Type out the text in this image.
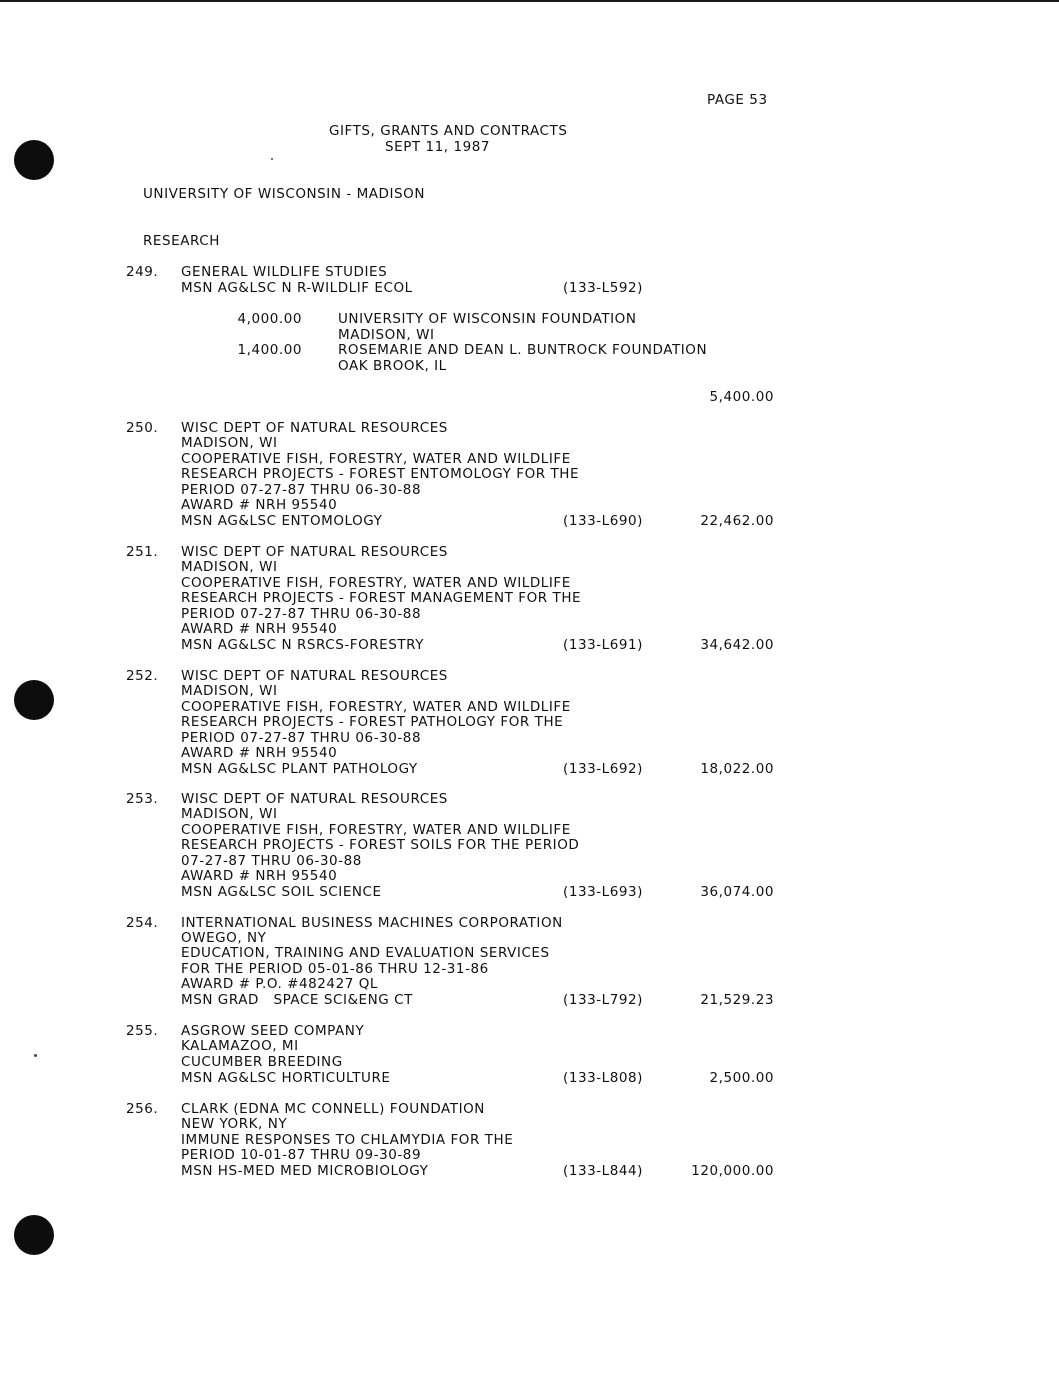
PAGE 53
GIFTS, GRANTS AND CONTRACTS
SEPT 11, 1987
UNIVERSITY OF WISCONSIN - MADISON
RESEARCH
249. GENERAL WILDLIFE STUDIES
MSN AG&LSC N R-WILDLIF ECOL	(133-L592)
4,000.00	UNIVERSITY OF WISCONSIN FOUNDATION
MADISON, WI
1,400.00	ROSEMARIE AND DEAN L. BUNTROCK FOUNDATION
OAK BROOK, IL
5,400.00
250. WISC DEPT OF NATURAL RESOURCES
MADISON, WI
COOPERATIVE FISH, FORESTRY, WATER AND WILDLIFE
RESEARCH PROJECTS - FOREST ENTOMOLOGY FOR THE
PERIOD 07-27-87 THRU 06-30-88
AWARD # NRH 95540
MSN AG&LSC ENTOMOLOGY	(133-L690)	22,462.00
251. WISC DEPT OF NATURAL RESOURCES
MADISON, WI
COOPERATIVE FISH, FORESTRY, WATER AND WILDLIFE
RESEARCH PROJECTS - FOREST MANAGEMENT FOR THE
PERIOD 07-27-87 THRU 06-30-88
AWARD # NRH 95540
MSN AG&LSC N RSRCS-FORESTRY	(133-L691)	34,642.00
252. WISC DEPT OF NATURAL RESOURCES
MADISON, WI
COOPERATIVE FISH, FORESTRY, WATER AND WILDLIFE
RESEARCH PROJECTS - FOREST PATHOLOGY FOR THE
PERIOD 07-27-87 THRU 06-30-88
AWARD # NRH 95540
MSN AG&LSC PLANT PATHOLOGY	(133-L692)	18,022.00
253. WISC DEPT OF NATURAL RESOURCES
MADISON, WI
COOPERATIVE FISH, FORESTRY, WATER AND WILDLIFE
RESEARCH PROJECTS - FOREST SOILS FOR THE PERIOD
07-27-87 THRU 06-30-88
AWARD # NRH 95540
MSN AG&LSC SOIL SCIENCE	(133-L693)	36,074.00
254. INTERNATIONAL BUSINESS MACHINES CORPORATION
OWEGO, NY
EDUCATION, TRAINING AND EVALUATION SERVICES
FOR THE PERIOD 05-01-86 THRU 12-31-86
AWARD # P.O. #482427 QL
MSN GRAD   SPACE SCI&ENG CT	(133-L792)	21,529.23
255. ASGROW SEED COMPANY
KALAMAZOO, MI
CUCUMBER BREEDING
MSN AG&LSC HORTICULTURE	(133-L808)	2,500.00
256. CLARK (EDNA MC CONNELL) FOUNDATION
NEW YORK, NY
IMMUNE RESPONSES TO CHLAMYDIA FOR THE
PERIOD 10-01-87 THRU 09-30-89
MSN HS-MED MED MICROBIOLOGY	(133-L844)	120,000.00
